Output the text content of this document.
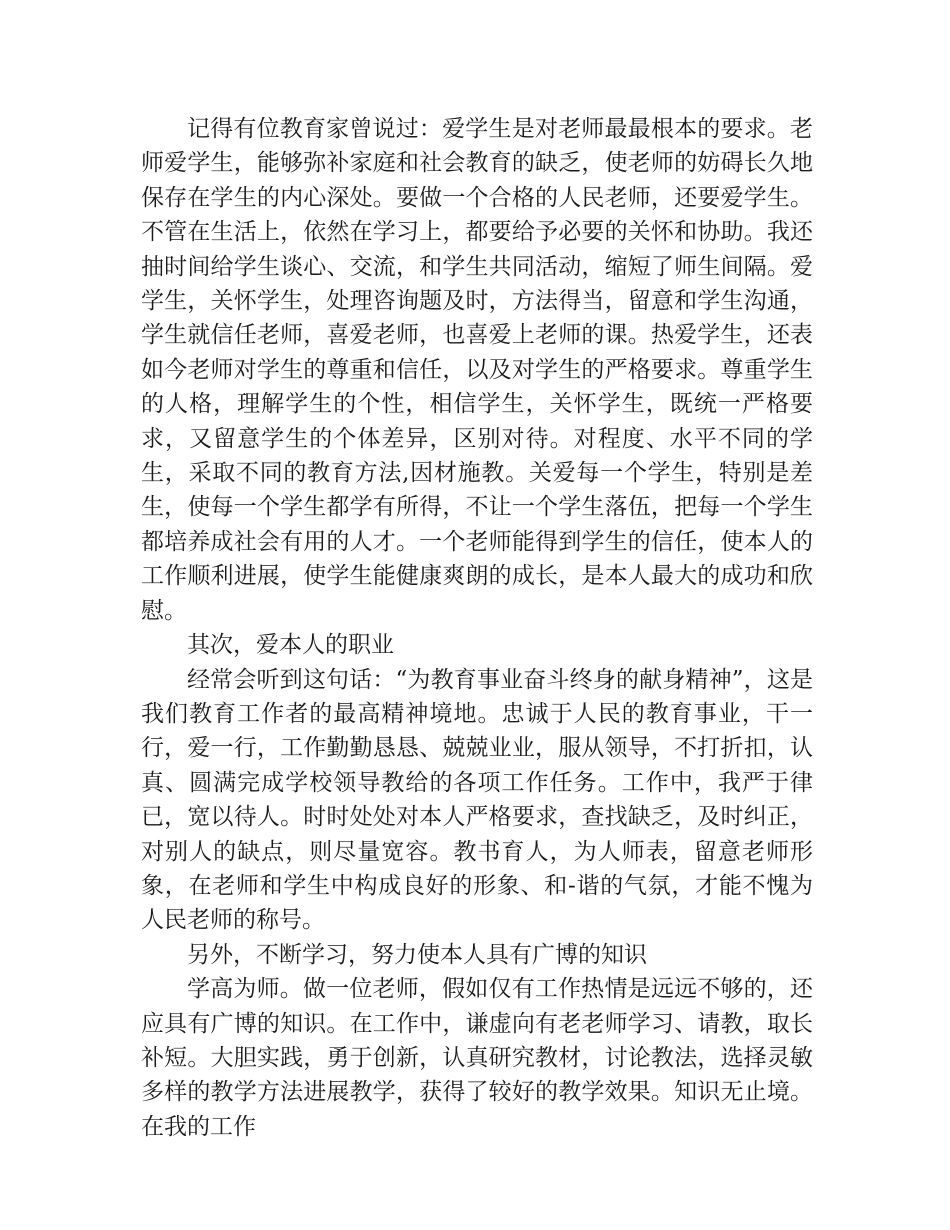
记得有位教育家曾说过：爱学生是对老师最最根本的要求。老师爱学生，能够弥补家庭和社会教育的缺乏，使老师的妨碍长久地保存在学生的内心深处。要做一个合格的人民老师，还要爱学生。不管在生活上，依然在学习上，都要给予必要的关怀和协助。我还抽时间给学生谈心、交流，和学生共同活动，缩短了师生间隔。爱学生，关怀学生，处理咨询题及时，方法得当，留意和学生沟通，学生就信任老师，喜爱老师，也喜爱上老师的课。热爱学生，还表如今老师对学生的尊重和信任，以及对学生的严格要求。尊重学生的人格，理解学生的个性，相信学生，关怀学生，既统一严格要求，又留意学生的个体差异，区别对待。对程度、水平不同的学生，采取不同的教育方法,因材施教。关爱每一个学生，特别是差生，使每一个学生都学有所得，不让一个学生落伍，把每一个学生都培养成社会有用的人才。一个老师能得到学生的信任，使本人的工作顺利进展，使学生能健康爽朗的成长，是本人最大的成功和欣慰。

其次，爱本人的职业

经常会听到这句话：“为教育事业奋斗终身的献身精神”，这是我们教育工作者的最高精神境地。忠诚于人民的教育事业，干一行，爱一行，工作勤勤恳恳、兢兢业业，服从领导，不打折扣，认真、圆满完成学校领导教给的各项工作任务。工作中，我严于律已，宽以待人。时时处处对本人严格要求，查找缺乏，及时纠正，对别人的缺点，则尽量宽容。教书育人，为人师表，留意老师形象，在老师和学生中构成良好的形象、和-谐的气氛，才能不愧为人民老师的称号。

另外，不断学习，努力使本人具有广博的知识

学高为师。做一位老师，假如仅有工作热情是远远不够的，还应具有广博的知识。在工作中，谦虚向有老老师学习、请教，取长补短。大胆实践，勇于创新，认真研究教材，讨论教法，选择灵敏多样的教学方法进展教学，获得了较好的教学效果。知识无止境。在我的工作
